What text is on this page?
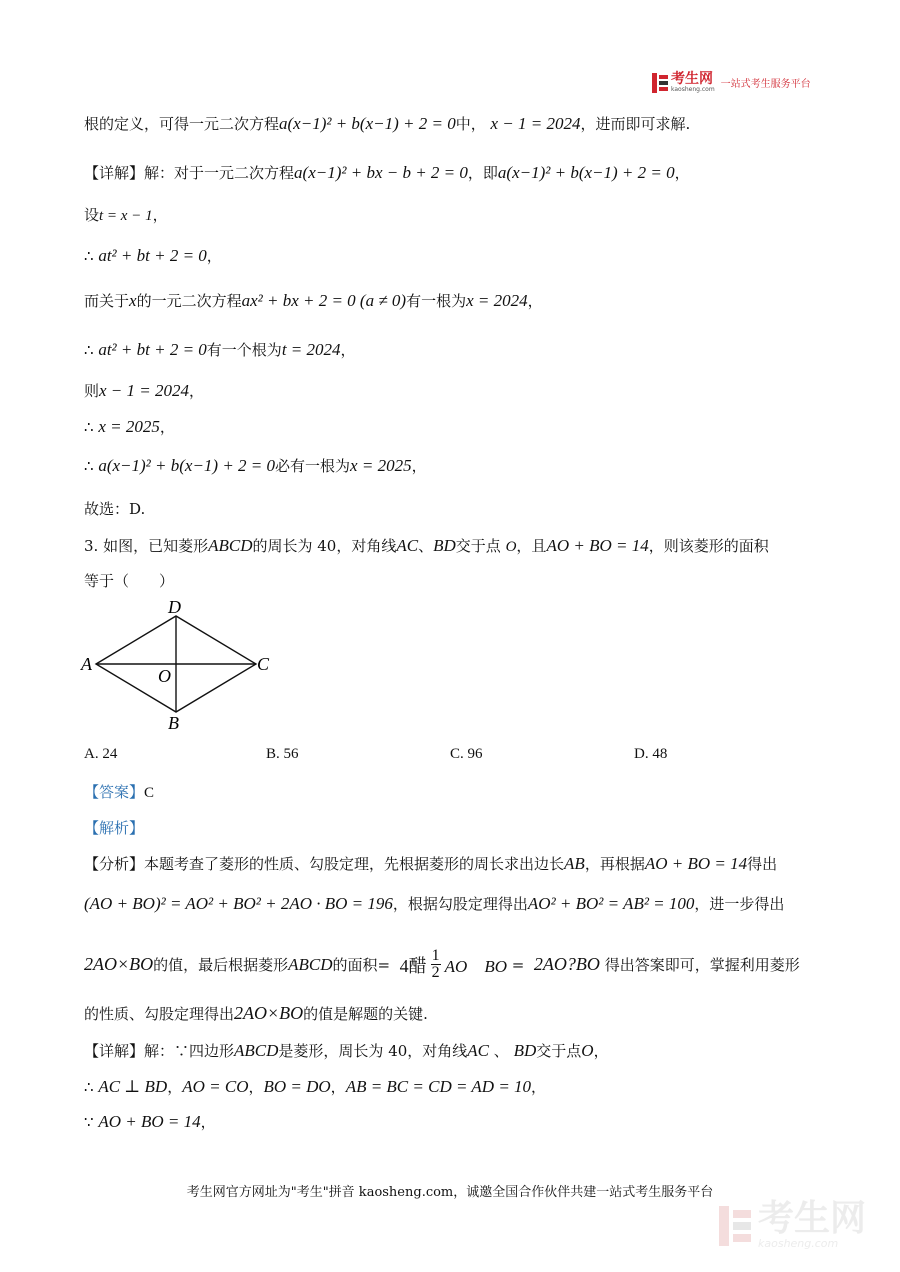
考生网
kaosheng.com 一站式考生服务平台
根的定义，可得一元二次方程a(x−1)² + b(x−1) + 2 = 0中， x − 1 = 2024，进而即可求解.
【详解】解：对于一元二次方程a(x−1)² + bx − b + 2 = 0，即a(x−1)² + b(x−1) + 2 = 0，
设t = x − 1，
∴ at² + bt + 2 = 0，
而关于x的一元二次方程ax² + bx + 2 = 0 (a ≠ 0)有一根为x = 2024，
∴ at² + bt + 2 = 0有一个根为t = 2024，
则x − 1 = 2024，
∴ x = 2025，
∴ a(x−1)² + b(x−1) + 2 = 0必有一根为x = 2025，
故选：D.
3. 如图，已知菱形ABCD的周长为 40，对角线AC、BD交于点 O，且AO + BO = 14，则该菱形的面积
等于（　　）
A
D
C
B
O
A. 24	B. 56	C. 96	D. 48
【答案】C
【解析】
【分析】本题考查了菱形的性质、勾股定理，先根据菱形的周长求出边长AB，再根据AO + BO = 14得出
(AO + BO)² = AO² + BO² + 2AO · BO = 196，根据勾股定理得出AO² + BO² = AB² = 100，进一步得出
2AO×BO 的值，最后根据菱形 ABCD 的面积=
4醋 $\frac{1}{2}$ AO　BO
=
2AO?BO
得出答案即可，掌握利用菱形
的性质、勾股定理得出2AO×BO的值是解题的关键.
【详解】解：∵四边形ABCD是菱形，周长为 40，对角线AC 、 BD交于点O，
∴ AC ⊥ BD，AO = CO，BO = DO，AB = BC = CD = AD = 10，
∵ AO + BO = 14，
考生网官方网址为"考生"拼音 kaosheng.com，诚邀全国合作伙伴共建一站式考生服务平台
考生网
kaosheng.com
